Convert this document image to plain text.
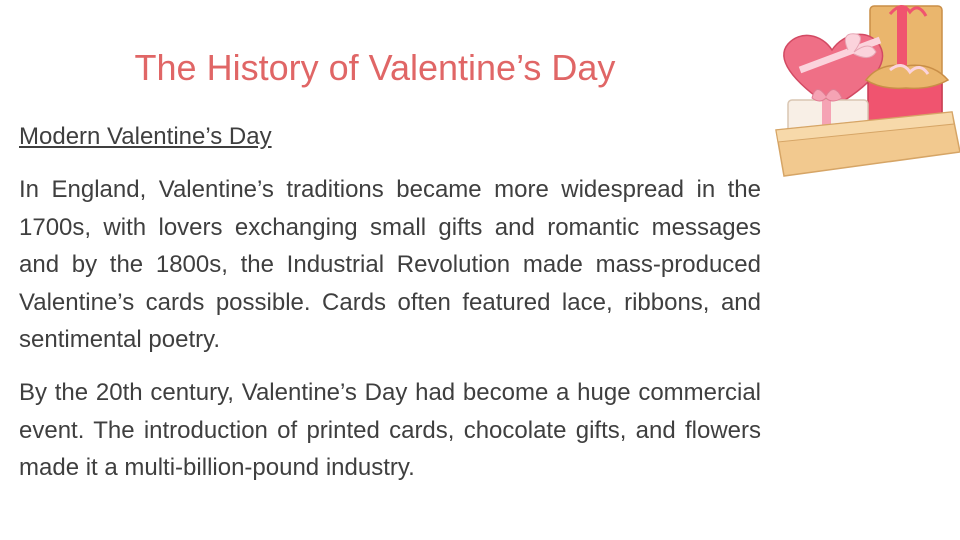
The History of Valentine’s Day
Modern Valentine’s Day

In England, Valentine’s traditions became more widespread in the 1700s, with lovers exchanging small gifts and romantic messages and by the 1800s, the Industrial Revolution made mass-produced Valentine’s cards possible. Cards often featured lace, ribbons, and sentimental poetry.

By the 20th century, Valentine’s Day had become a huge commercial event. The introduction of printed cards, chocolate gifts, and flowers made it a multi-billion-pound industry.
